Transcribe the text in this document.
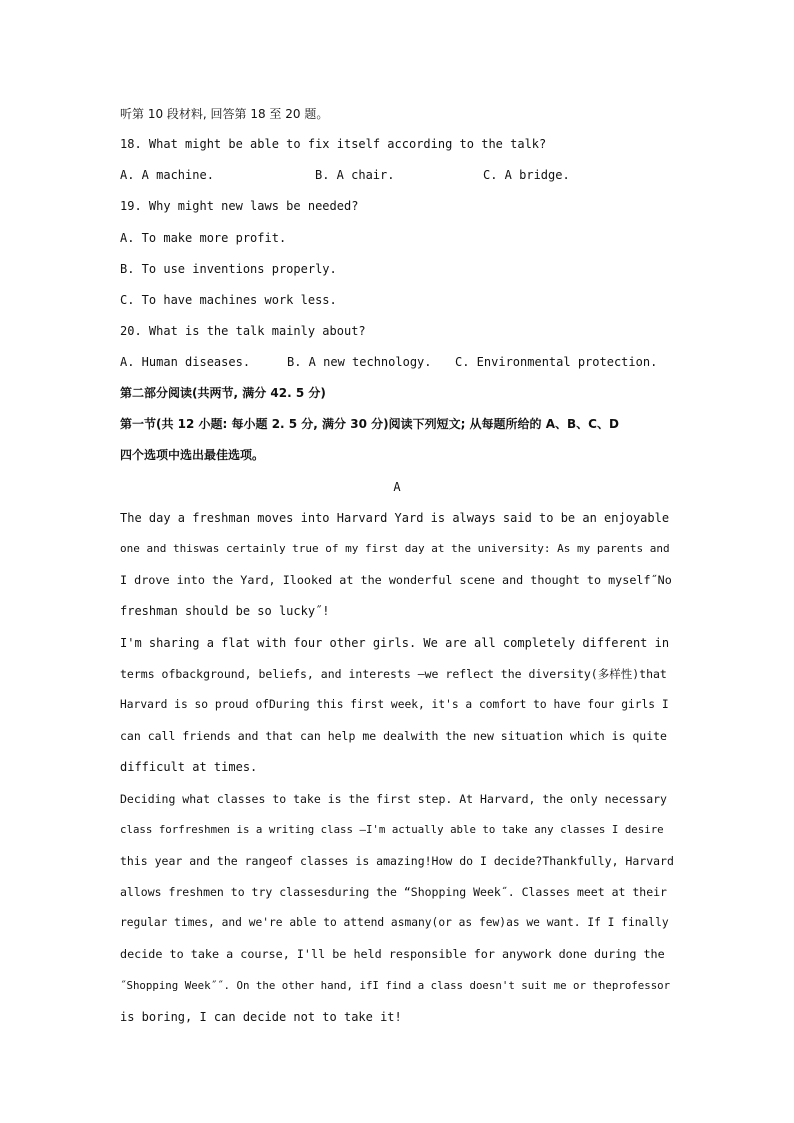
听第 10 段材料, 回答第 18 至 20 题。
18. What might be able to fix itself according to the talk?
A. A machine.	B. A chair.	C. A bridge.
19. Why might new laws be needed?
A. To make more profit.
B. To use inventions properly.
C. To have machines work less.
20. What is the talk mainly about?
A. Human diseases.	B. A new technology. C. Environmental protection.
第二部分阅读(共两节, 满分 42. 5 分)
第一节(共 12 小题: 每小题 2. 5 分, 满分 30 分)阅读下列短文; 从每题所给的 A、B、C、D
四个选项中选出最佳选项。
A
The day a freshman moves into Harvard Yard is always said to be an enjoyable
one and thiswas certainly true of my first day at the university: As my parents and
I drove into the Yard, Ilooked at the wonderful scene and thought to myself˝No
freshman should be so lucky˝!
I'm sharing a flat with four other girls. We are all completely different in
terms ofbackground, beliefs, and interests —we reflect the diversity(多样性)that
Harvard is so proud ofDuring this first week, it's a comfort to have four girls I
can call friends and that can help me dealwith the new situation which is quite
difficult at times.
Deciding what classes to take is the first step. At Harvard, the only necessary
class forfreshmen is a writing class —I'm actually able to take any classes I desire
this year and the rangeof classes is amazing!How do I decide?Thankfully, Harvard
allows freshmen to try classesduring the “Shopping Week˝. Classes meet at their
regular times, and we're able to attend asmany(or as few)as we want. If I finally
decide to take a course, I'll be held responsible for anywork done during the
˝Shopping Week˝˝. On the other hand, ifI find a class doesn't suit me or theprofessor
is boring, I can decide not to take it!
